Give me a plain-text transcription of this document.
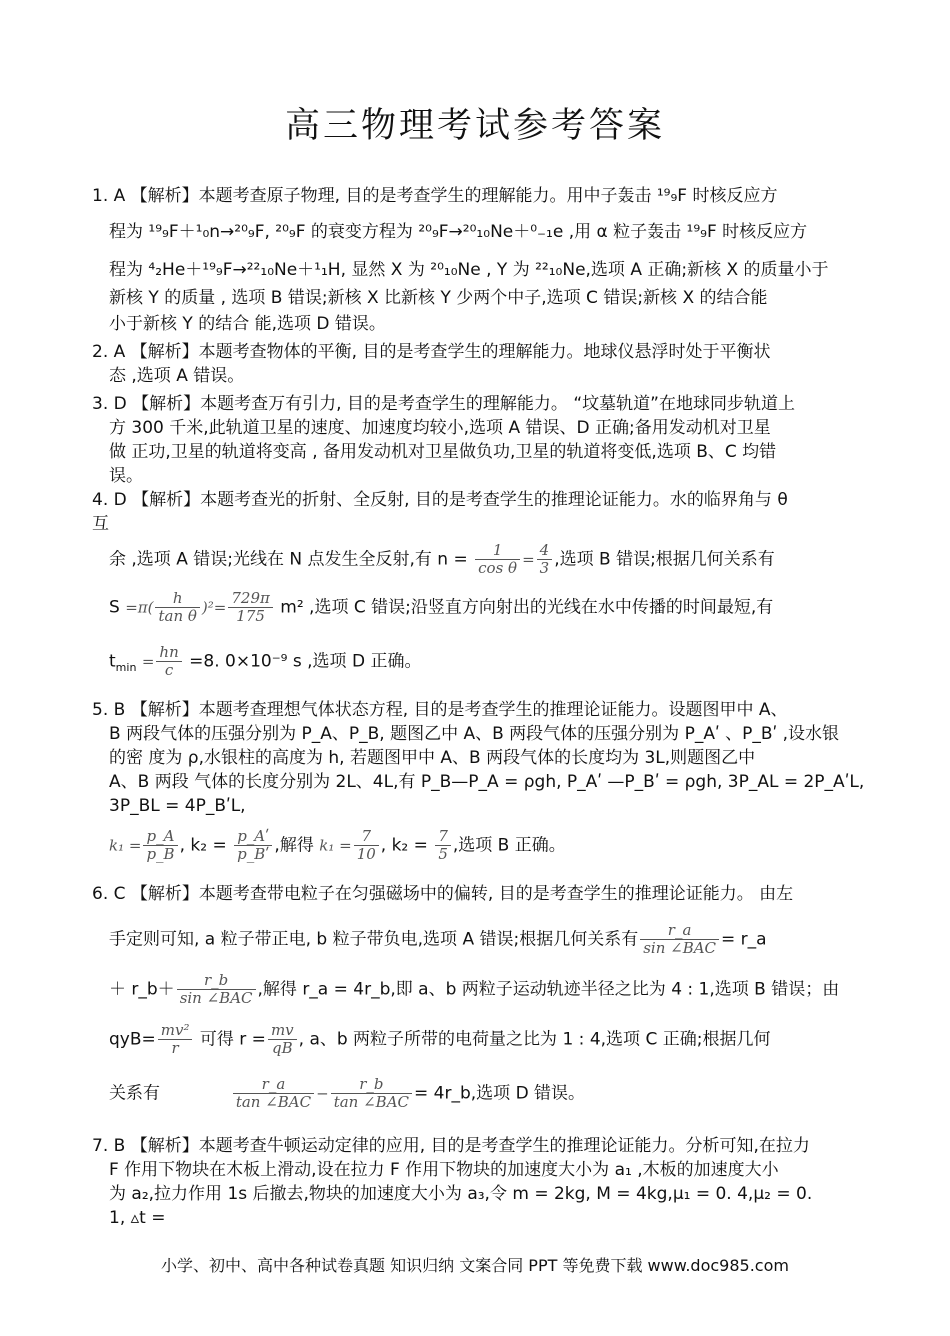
高三物理考试参考答案
1. A 【解析】本题考查原子物理, 目的是考查学生的理解能力。用中子轰击 ¹⁹₉F 时核反应方
程为 ¹⁹₉F＋¹₀n→²⁰₉F, ²⁰₉F 的衰变方程为 ²⁰₉F→²⁰₁₀Ne＋⁰₋₁e ,用 α 粒子轰击 ¹⁹₉F 时核反应方
程为 ⁴₂He＋¹⁹₉F→²²₁₀Ne＋¹₁H, 显然 X 为 ²⁰₁₀Ne , Y 为 ²²₁₀Ne,选项 A 正确;新核 X 的质量小于
新核 Y 的质量 , 选项 B 错误;新核 X 比新核 Y 少两个中子,选项 C 错误;新核 X 的结合能
小于新核 Y 的结合 能,选项 D 错误。
2. A 【解析】本题考查物体的平衡, 目的是考查学生的理解能力。地球仪悬浮时处于平衡状
态 ,选项 A 错误。
3. D 【解析】本题考查万有引力, 目的是考查学生的理解能力。 “坟墓轨道”在地球同步轨道上
方 300 千米,此轨道卫星的速度、加速度均较小,选项 A 错误、D 正确;备用发动机对卫星
做 正功,卫星的轨道将变高 , 备用发动机对卫星做负功,卫星的轨道将变低,选项 B、C 均错
误。
4. D 【解析】本题考查光的折射、全反射, 目的是考查学生的推理论证能力。水的临界角与 θ
互
余 ,选项 A 错误;光线在 N 点发生全反射,有 $n = \frac{1}{\text{cos θ}} = \frac{4}{3}$ ,选项 B 错误;根据几何关系有
$S =\pi( \frac{h}{\text{tan θ}} )^2= \frac{729\pi}{175} m^2$ ,选项 C 错误;沿竖直方向射出的光线在水中传播的时间最短,有
$t_{min} = \frac{hn}{c} =8$. 0×10⁻⁹ s ,选项 D 正确。
5. B 【解析】本题考查理想气体状态方程, 目的是考查学生的推理论证能力。设题图甲中 A、
B 两段气体的压强分别为 P_A、P_B, 题图乙中 A、B 两段气体的压强分别为 P_Aʹ 、P_Bʹ ,设水银
的密 度为 ρ,水银柱的高度为 h, 若题图甲中 A、B 两段气体的长度均为 3L,则题图乙中
A、B 两段 气体的长度分别为 2L、4L,有 P_B—P_A = ρgh, P_Aʹ —P_Bʹ = ρgh, 3P_AL = 2P_AʹL,
3P_BL = 4P_BʹL,
$k_1 = \frac{p\_A}{p\_B}$ , $k_2 = \frac{\text{p\_Aʹ}}{\text{p\_Bʹ}}$ ,解得 $k_1 = \frac{7}{10}$ , $k_2 = \frac{7}{5}$ ,选项 B 正确。
6. C 【解析】本题考查带电粒子在匀强磁场中的偏转, 目的是考查学生的推理论证能力。 由左
手定则可知, a 粒子带正电, b 粒子带负电,选项 A 错误;根据几何关系有 $\frac{r\_a}{\text{sin ∠BAC}}$ = r_a
＋ r_b＋ $\frac{r\_b}{\text{sin ∠BAC}}$ ,解得 r_a = 4r_b,即 a、b 两粒子运动轨迹半径之比为 4 : 1,选项 B 错误；由
$qyB= \frac{\text{mv²}}{r}$ 可得 $r = \frac{mv}{qB}$ , a、b 两粒子所带的电荷量之比为 1 : 4,选项 C 正确;根据几何
关系有	$\frac{r\_a}{\text{tan ∠BAC}} - \frac{r\_b}{\text{tan ∠BAC}}$ = 4r_b,选项 D 错误。
7. B 【解析】本题考查牛顿运动定律的应用, 目的是考查学生的推理论证能力。分析可知,在拉力
F 作用下物块在木板上滑动,设在拉力 F 作用下物块的加速度大小为 a₁ ,木板的加速度大小
为 a₂,拉力作用 1s 后撤去,物块的加速度大小为 a₃,令 m = 2kg, M = 4kg,μ₁ = 0. 4,μ₂ = 0.
1, ▵t =
小学、初中、高中各种试卷真题 知识归纳 文案合同 PPT 等免费下载 www.doc985.com
